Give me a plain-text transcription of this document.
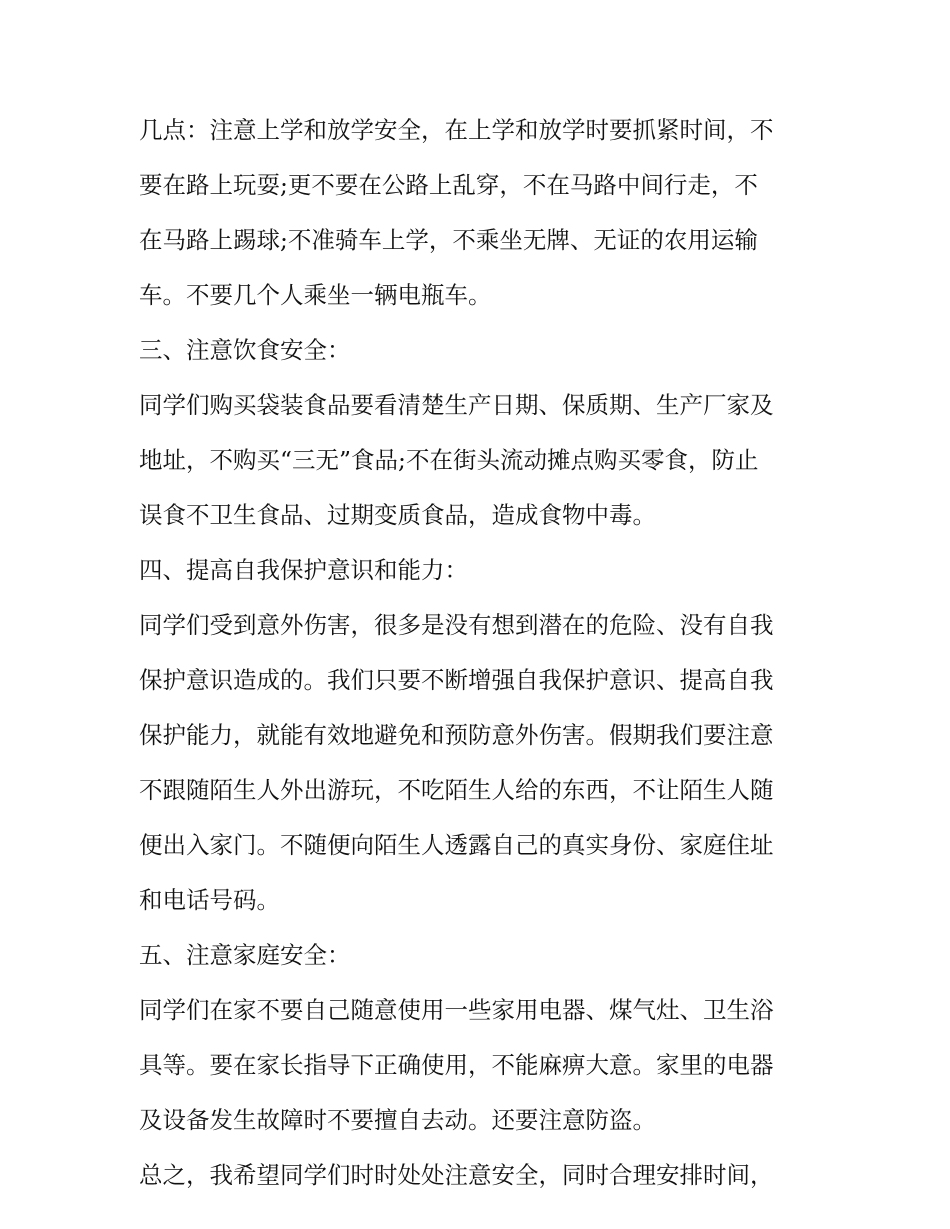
几点：注意上学和放学安全，在上学和放学时要抓紧时间，不
要在路上玩耍;更不要在公路上乱穿，不在马路中间行走，不
在马路上踢球;不准骑车上学，不乘坐无牌、无证的农用运输
车。不要几个人乘坐一辆电瓶车。
三、注意饮食安全：
同学们购买袋装食品要看清楚生产日期、保质期、生产厂家及
地址，不购买“三无”食品;不在街头流动摊点购买零食，防止
误食不卫生食品、过期变质食品，造成食物中毒。
四、提高自我保护意识和能力：
同学们受到意外伤害，很多是没有想到潜在的危险、没有自我
保护意识造成的。我们只要不断增强自我保护意识、提高自我
保护能力，就能有效地避免和预防意外伤害。假期我们要注意
不跟随陌生人外出游玩，不吃陌生人给的东西，不让陌生人随
便出入家门。不随便向陌生人透露自己的真实身份、家庭住址
和电话号码。
五、注意家庭安全：
同学们在家不要自己随意使用一些家用电器、煤气灶、卫生浴
具等。要在家长指导下正确使用，不能麻痹大意。家里的电器
及设备发生故障时不要擅自去动。还要注意防盗。
总之，我希望同学们时时处处注意安全，同时合理安排时间，
